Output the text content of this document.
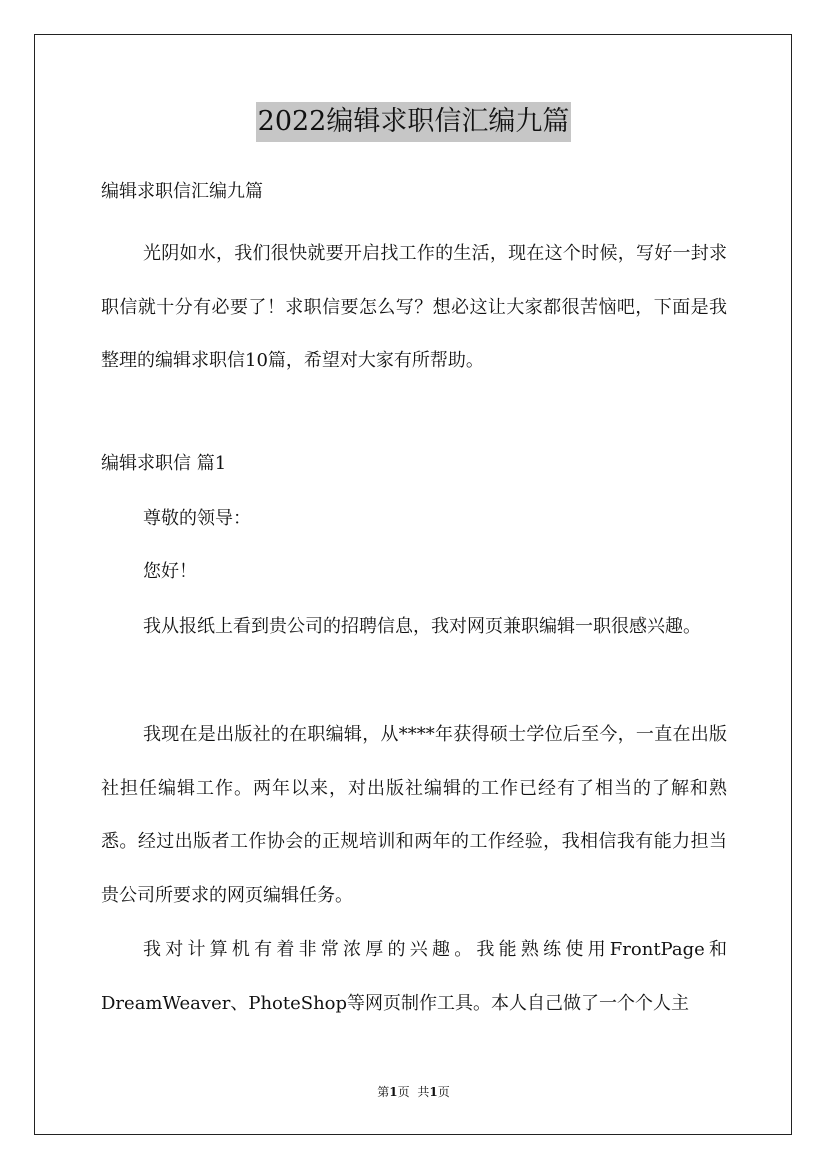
2022编辑求职信汇编九篇
编辑求职信汇编九篇

光阴如水，我们很快就要开启找工作的生活，现在这个时候，写好一封求职信就十分有必要了！求职信要怎么写？想必这让大家都很苦恼吧，下面是我整理的编辑求职信10篇，希望对大家有所帮助。

编辑求职信 篇1
尊敬的领导：
您好！

我从报纸上看到贵公司的招聘信息，我对网页兼职编辑一职很感兴趣。

我现在是出版社的在职编辑，从****年获得硕士学位后至今，一直在出版社担任编辑工作。两年以来，对出版社编辑的工作已经有了相当的了解和熟悉。经过出版者工作协会的正规培训和两年的工作经验，我相信我有能力担当贵公司所要求的网页编辑任务。

我对计算机有着非常浓厚的兴趣。我能熟练使用FrontPage和DreamWeaver、PhoteShop等网页制作工具。本人自己做了一个个人主

第1页 共1页
